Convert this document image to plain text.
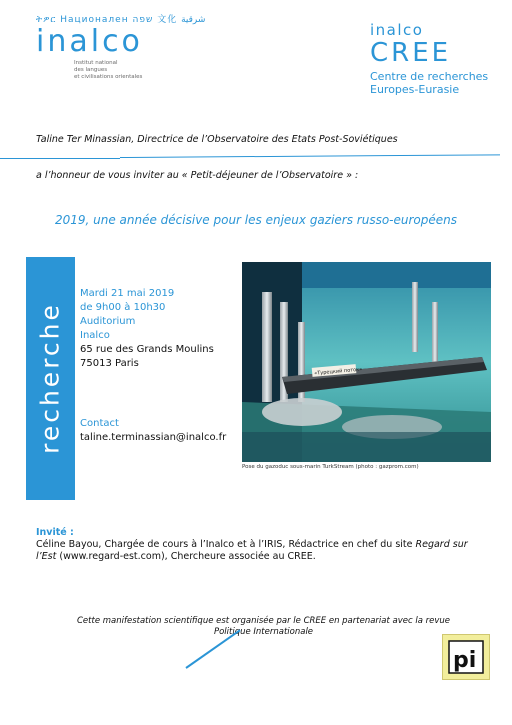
ትዎር Национален שפה 文化 شرقية
inalco
Institut national
des langues
et civilisations orientales
inalco
CREE
Centre de recherches
Europes-Eurasie
Taline Ter Minassian, Directrice de l’Observatoire des Etats Post-Soviétiques
a l’honneur de vous inviter au « Petit-déjeuner de l’Observatoire » :
2019, une année décisive pour les enjeux gaziers russo-européens
recherche
Mardi 21 mai 2019
de 9h00 à 10h30
Auditorium
Inalco
65 rue des Grands Moulins
75013 Paris
Contact
taline.terminassian@inalco.fr
«Турецкий поток»
Pose du gazoduc sous-marin TurkStream (photo : gazprom.com)
Invité :
Céline Bayou, Chargée de cours à l’Inalco et à l’IRIS, Rédactrice en chef du site Regard sur l’Est (www.regard-est.com), Chercheure associée au CREE.
Cette manifestation scientifique est organisée par le CREE en partenariat avec la revue
Politique Internationale
pi
